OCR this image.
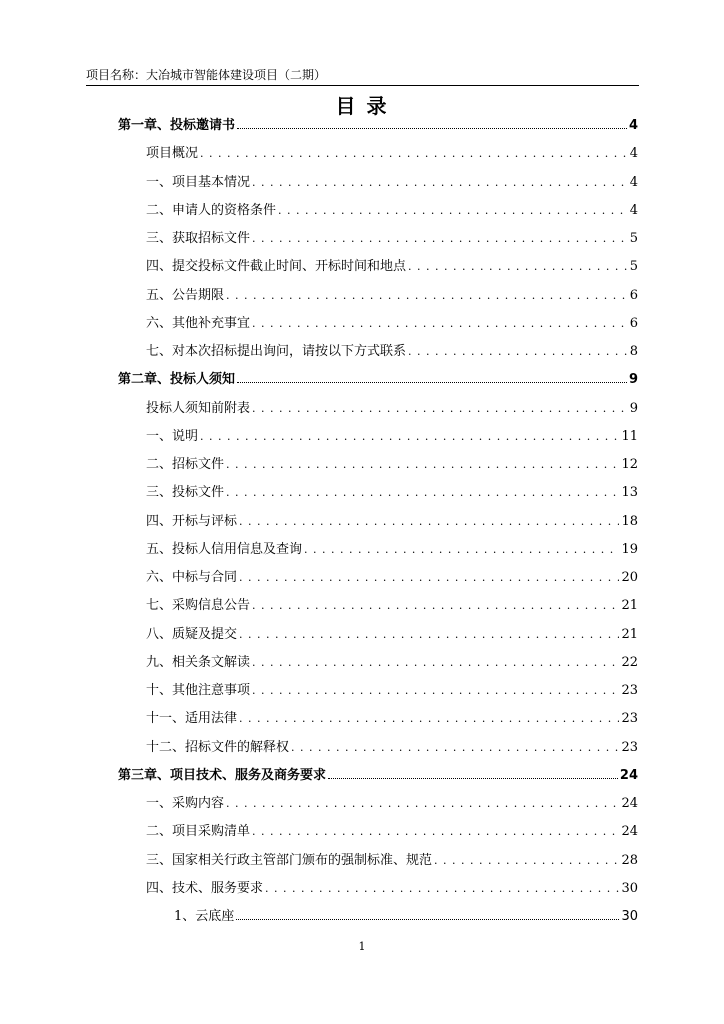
项目名称：大冶城市智能体建设项目（二期）
目 录
第一章、投标邀请书	4
项目概况 . . .	4
一、项目基本情况 . . .	4
二、申请人的资格条件 . . .	4
三、获取招标文件 . . .	5
四、提交投标文件截止时间、开标时间和地点 . . .	5
五、公告期限 . . .	6
六、其他补充事宜 . . .	6
七、对本次招标提出询问，请按以下方式联系 . . .	8
第二章、投标人须知	9
投标人须知前附表 . . .	9
一、说明 . . .	11
二、招标文件 . . .	12
三、投标文件 . . .	13
四、开标与评标 . . .	18
五、投标人信用信息及查询 . . .	19
六、中标与合同 . . .	20
七、采购信息公告 . . .	21
八、质疑及提交 . . .	21
九、相关条文解读 . . .	22
十、其他注意事项 . . .	23
十一、适用法律 . . .	23
十二、招标文件的解释权 . . .	23
第三章、项目技术、服务及商务要求	24
一、采购内容 . . .	24
二、项目采购清单 . . .	24
三、国家相关行政主管部门颁布的强制标准、规范 . . .	28
四、技术、服务要求 . . .	30
1、云底座	30
1
